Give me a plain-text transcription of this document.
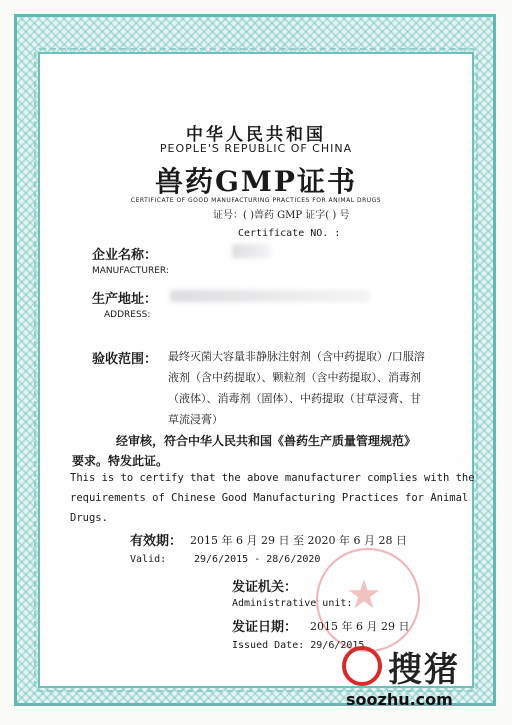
中华人民共和国
PEOPLE'S REPUBLIC OF CHINA
兽药GMP证书
CERTIFICATE OF GOOD MANUFACTURING PRACTICES FOR ANIMAL DRUGS
证号：( )兽药 GMP 证字( ) 号
Certificate NO. :
企业名称：
MANUFACTURER:
生产地址：
ADDRESS:
验收范围： 最终灭菌大容量非静脉注射剂（含中药提取）/口服溶
液剂（含中药提取）、颗粒剂（含中药提取）、消毒剂
（液体）、消毒剂（固体）、中药提取（甘草浸膏、甘
草流浸膏）
经审核，符合中华人民共和国《兽药生产质量管理规范》
要求。特发此证。
This is to certify that the above manufacturer complies with the
requirements of Chinese Good Manufacturing Practices for Animal
Drugs.
有效期： 2015 年 6 月 29 日 至 2020 年 6 月 28 日
Valid:	29/6/2015 - 28/6/2020
★
发证机关：
Administrative unit:
发证日期： 2015 年 6 月 29 日
Issued Date: 29/6/2015
搜猪
soozhu.com
